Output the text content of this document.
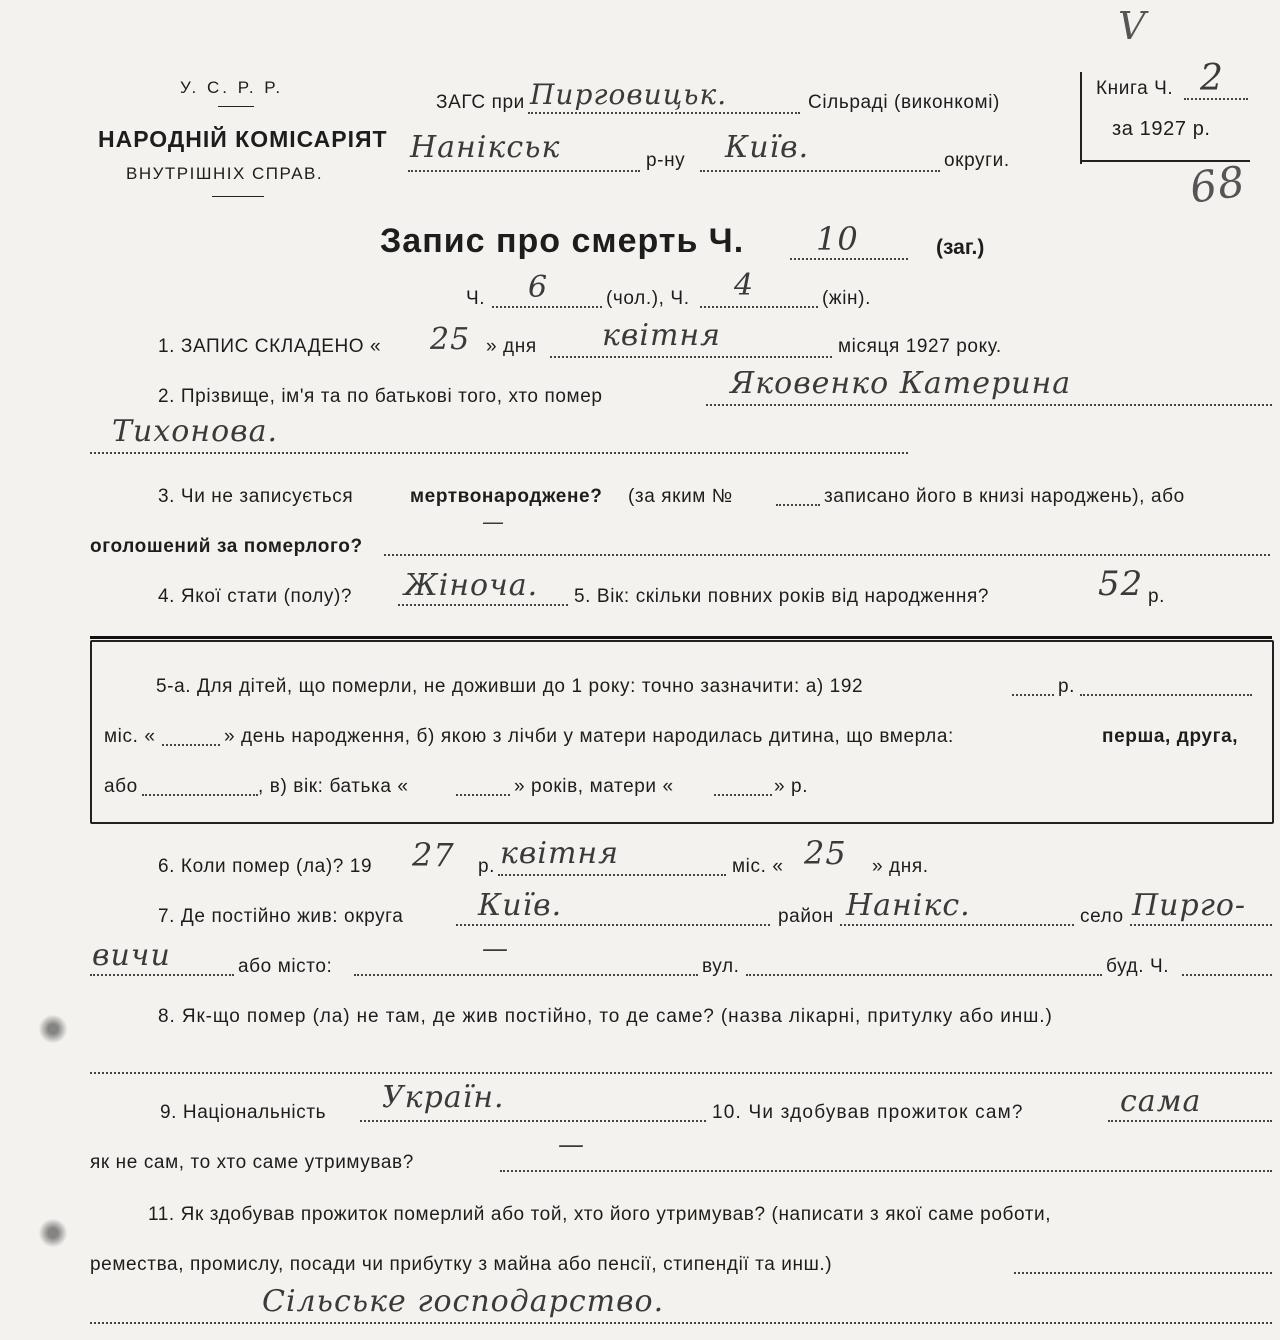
У. С. Р. Р.
НАРОДНІЙ КОМІСАРІЯТ
ВНУТРІШНІХ СПРАВ.
ЗАГС при Пирговицьк.	Сільраді (виконкомі)
Нанікськ	р-ну Київ.	округи.
Книга Ч. 2
за 1927 р.
V
68
Запис про смерть Ч. 10	(заг.)
Ч. 6	(чол.), Ч. 4	(жін).
1. ЗАПИС СКЛАДЕНО « 25 » дня квітня	місяця 1927 року.
2. Прізвище, ім'я та по батькові того, хто помер	Яковенко Катерина
Тихонова.
3. Чи не записується	мертвонароджене? (за яким №	записано його в книзі народжень), або
оголошений за померлого?
—
4. Якої стати (полу)? Жіноча. 5. Вік: скільки повних років від народження?	52 р.
5-а. Для дітей, що померли, не доживши до 1 року: точно зазначити: а) 192	р.
міс. «	» день народження, б) якою з лічби у матери народилась дитина, що вмерла:	перша, друга,
або	, в) вік: батька «	» років, матери «	» р.
6. Коли помер (ла)? 19 27 р. квітня	міс. « 25 » дня.
7. Де постійно жив: округа Київ.	район Нанікс.	село Пирго-
вичи	або місто:
—
вул.	буд. Ч.
8. Як-що помер (ла) не там, де жив постійно, то де саме? (назва лікарні, притулку або инш.)
9. Національність Україн.	10. Чи здобував прожиток сам?	сама
як не сам, то хто саме утримував?
—
11. Як здобував прожиток померлий або той, хто його утримував? (написати з якої саме роботи,
ремества, промислу, посади чи прибутку з майна або пенсії, стипендії та инш.)
Сільське господарство.
